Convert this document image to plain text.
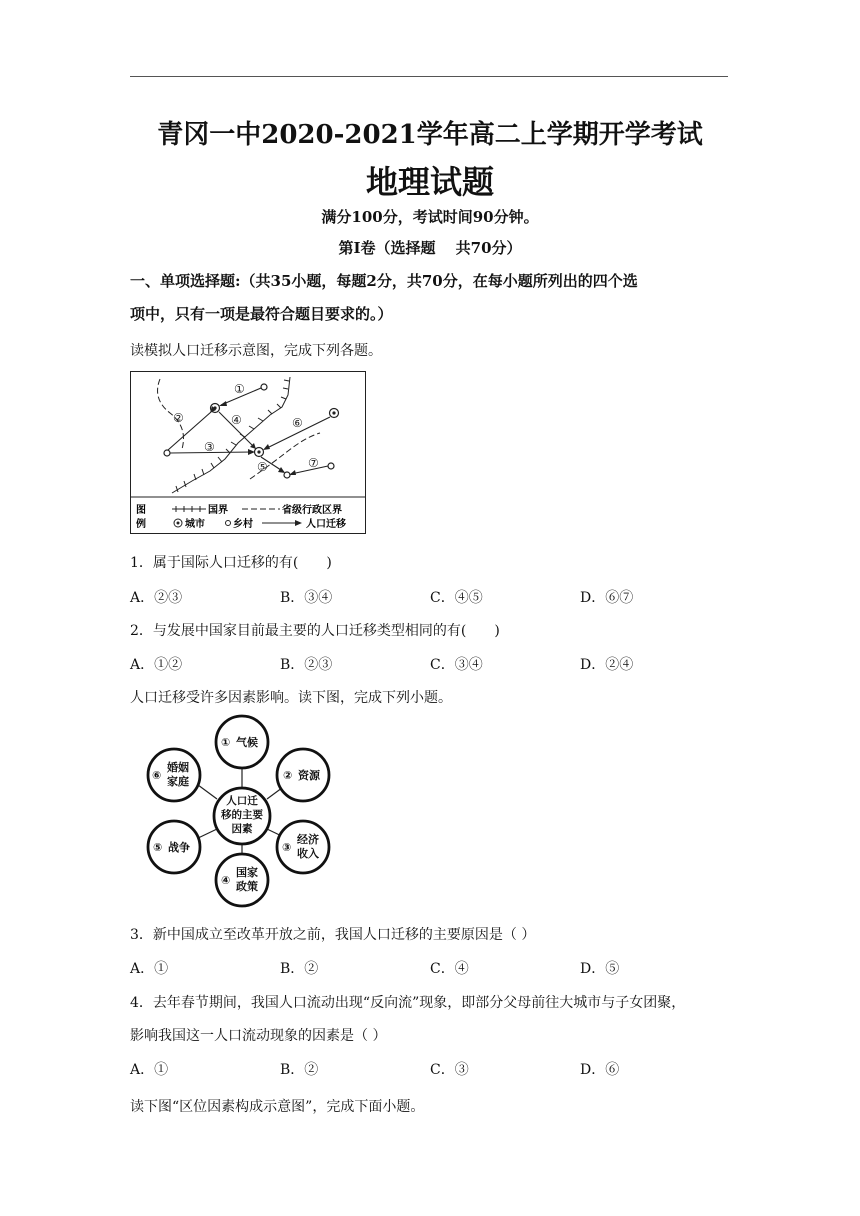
青冈一中2020-2021学年高二上学期开学考试
地理试题
满分100分，考试时间90分钟。
第Ⅰ卷（选择题　 共70分）
一、单项选择题:（共35小题，每题2分，共70分，在每小题所列出的四个选
项中，只有一项是最符合题目要求的。）
读模拟人口迁移示意图，完成下列各题。
①
②
③
④
⑤
⑥
⑦
图
例
国界	省级行政区界
城市	乡村	人口迁移
1．属于国际人口迁移的有(　　)
A．②③	B．③④	C．④⑤	D．⑥⑦
2．与发展中国家目前最主要的人口迁移类型相同的有(　　)
A．①②	B．②③	C．③④	D．②④
人口迁移受许多因素影响。读下图，完成下列小题。
人口迁
移的主要
因素
① 气候
② 资源
③
经济
收入
④
国家
政策
⑤ 战争
⑥
婚姻
家庭
3．新中国成立至改革开放之前，我国人口迁移的主要原因是（ ）
A．①	B．②	C．④	D．⑤
4．去年春节期间，我国人口流动出现“反向流”现象，即部分父母前往大城市与子女团聚，
影响我国这一人口流动现象的因素是（ ）
A．①	B．②	C．③	D．⑥
读下图“区位因素构成示意图”，完成下面小题。
